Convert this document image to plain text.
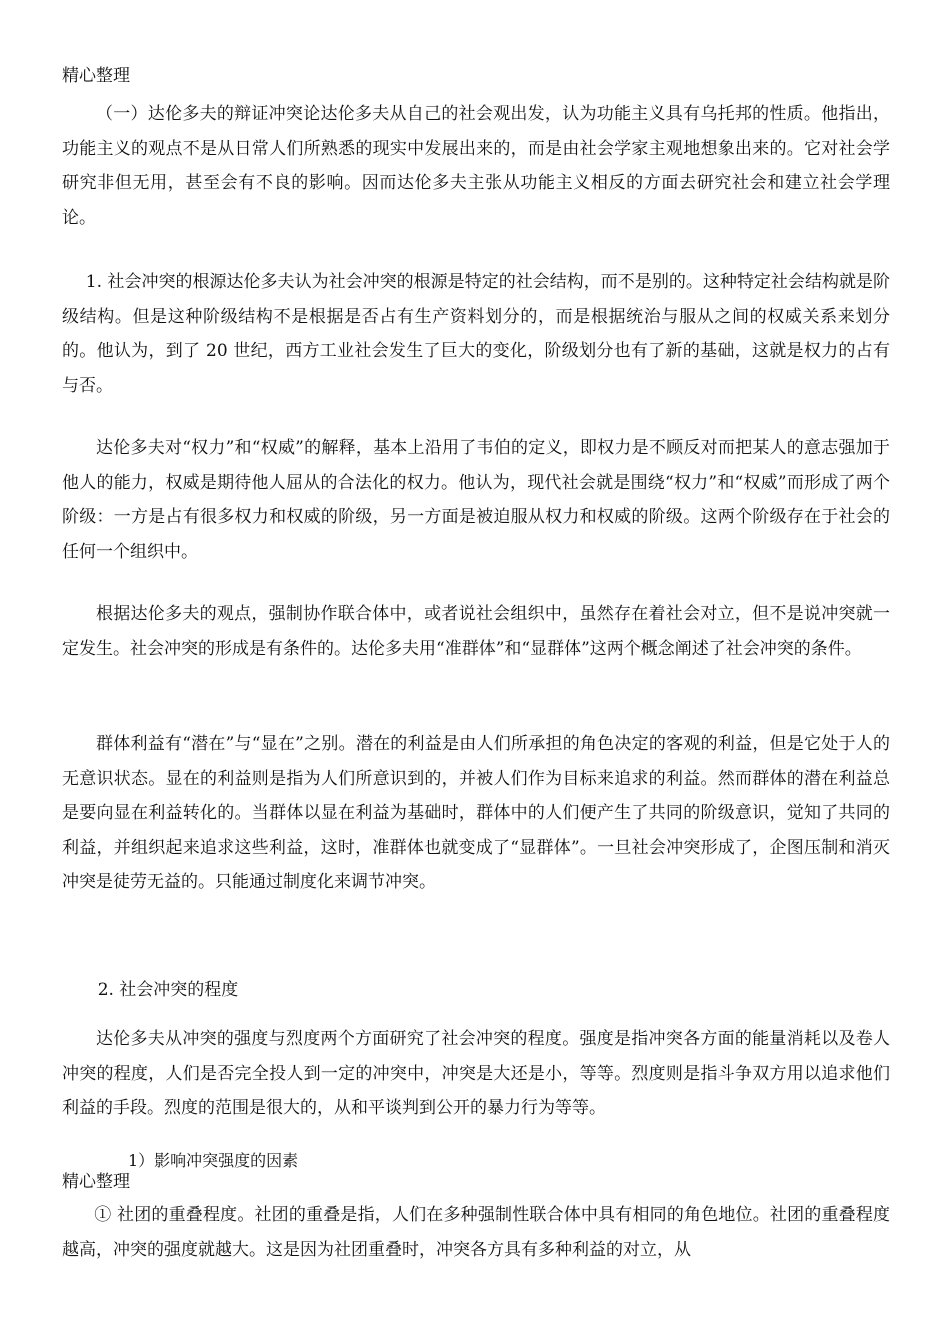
精心整理
（一）达伦多夫的辩证冲突论达伦多夫从自己的社会观出发，认为功能主义具有乌托邦的性质。他指出，功能主义的观点不是从日常人们所熟悉的现实中发展出来的，而是由社会学家主观地想象出来的。它对社会学研究非但无用，甚至会有不良的影响。因而达伦多夫主张从功能主义相反的方面去研究社会和建立社会学理论。
1. 社会冲突的根源达伦多夫认为社会冲突的根源是特定的社会结构，而不是别的。这种特定社会结构就是阶级结构。但是这种阶级结构不是根据是否占有生产资料划分的，而是根据统治与服从之间的权威关系来划分的。他认为，到了 20 世纪，西方工业社会发生了巨大的变化，阶级划分也有了新的基础，这就是权力的占有与否。
达伦多夫对“权力”和“权威”的解释，基本上沿用了韦伯的定义，即权力是不顾反对而把某人的意志强加于他人的能力，权威是期待他人屈从的合法化的权力。他认为，现代社会就是围绕“权力”和“权威”而形成了两个阶级：一方是占有很多权力和权威的阶级，另一方面是被迫服从权力和权威的阶级。这两个阶级存在于社会的任何一个组织中。
根据达伦多夫的观点，强制协作联合体中，或者说社会组织中，虽然存在着社会对立，但不是说冲突就一定发生。社会冲突的形成是有条件的。达伦多夫用“准群体”和“显群体”这两个概念阐述了社会冲突的条件。
群体利益有“潜在”与“显在”之别。潜在的利益是由人们所承担的角色决定的客观的利益，但是它处于人的无意识状态。显在的利益则是指为人们所意识到的，并被人们作为目标来追求的利益。然而群体的潜在利益总是要向显在利益转化的。当群体以显在利益为基础时，群体中的人们便产生了共同的阶级意识，觉知了共同的利益，并组织起来追求这些利益，这时，准群体也就变成了“显群体”。一旦社会冲突形成了，企图压制和消灭冲突是徒劳无益的。只能通过制度化来调节冲突。
2. 社会冲突的程度
达伦多夫从冲突的强度与烈度两个方面研究了社会冲突的程度。强度是指冲突各方面的能量消耗以及卷人冲突的程度，人们是否完全投人到一定的冲突中，冲突是大还是小，等等。烈度则是指斗争双方用以追求他们利益的手段。烈度的范围是很大的，从和平谈判到公开的暴力行为等等。
1）影响冲突强度的因素
精心整理
① 社团的重叠程度。社团的重叠是指，人们在多种强制性联合体中具有相同的角色地位。社团的重叠程度越高，冲突的强度就越大。这是因为社团重叠时，冲突各方具有多种利益的对立，从
